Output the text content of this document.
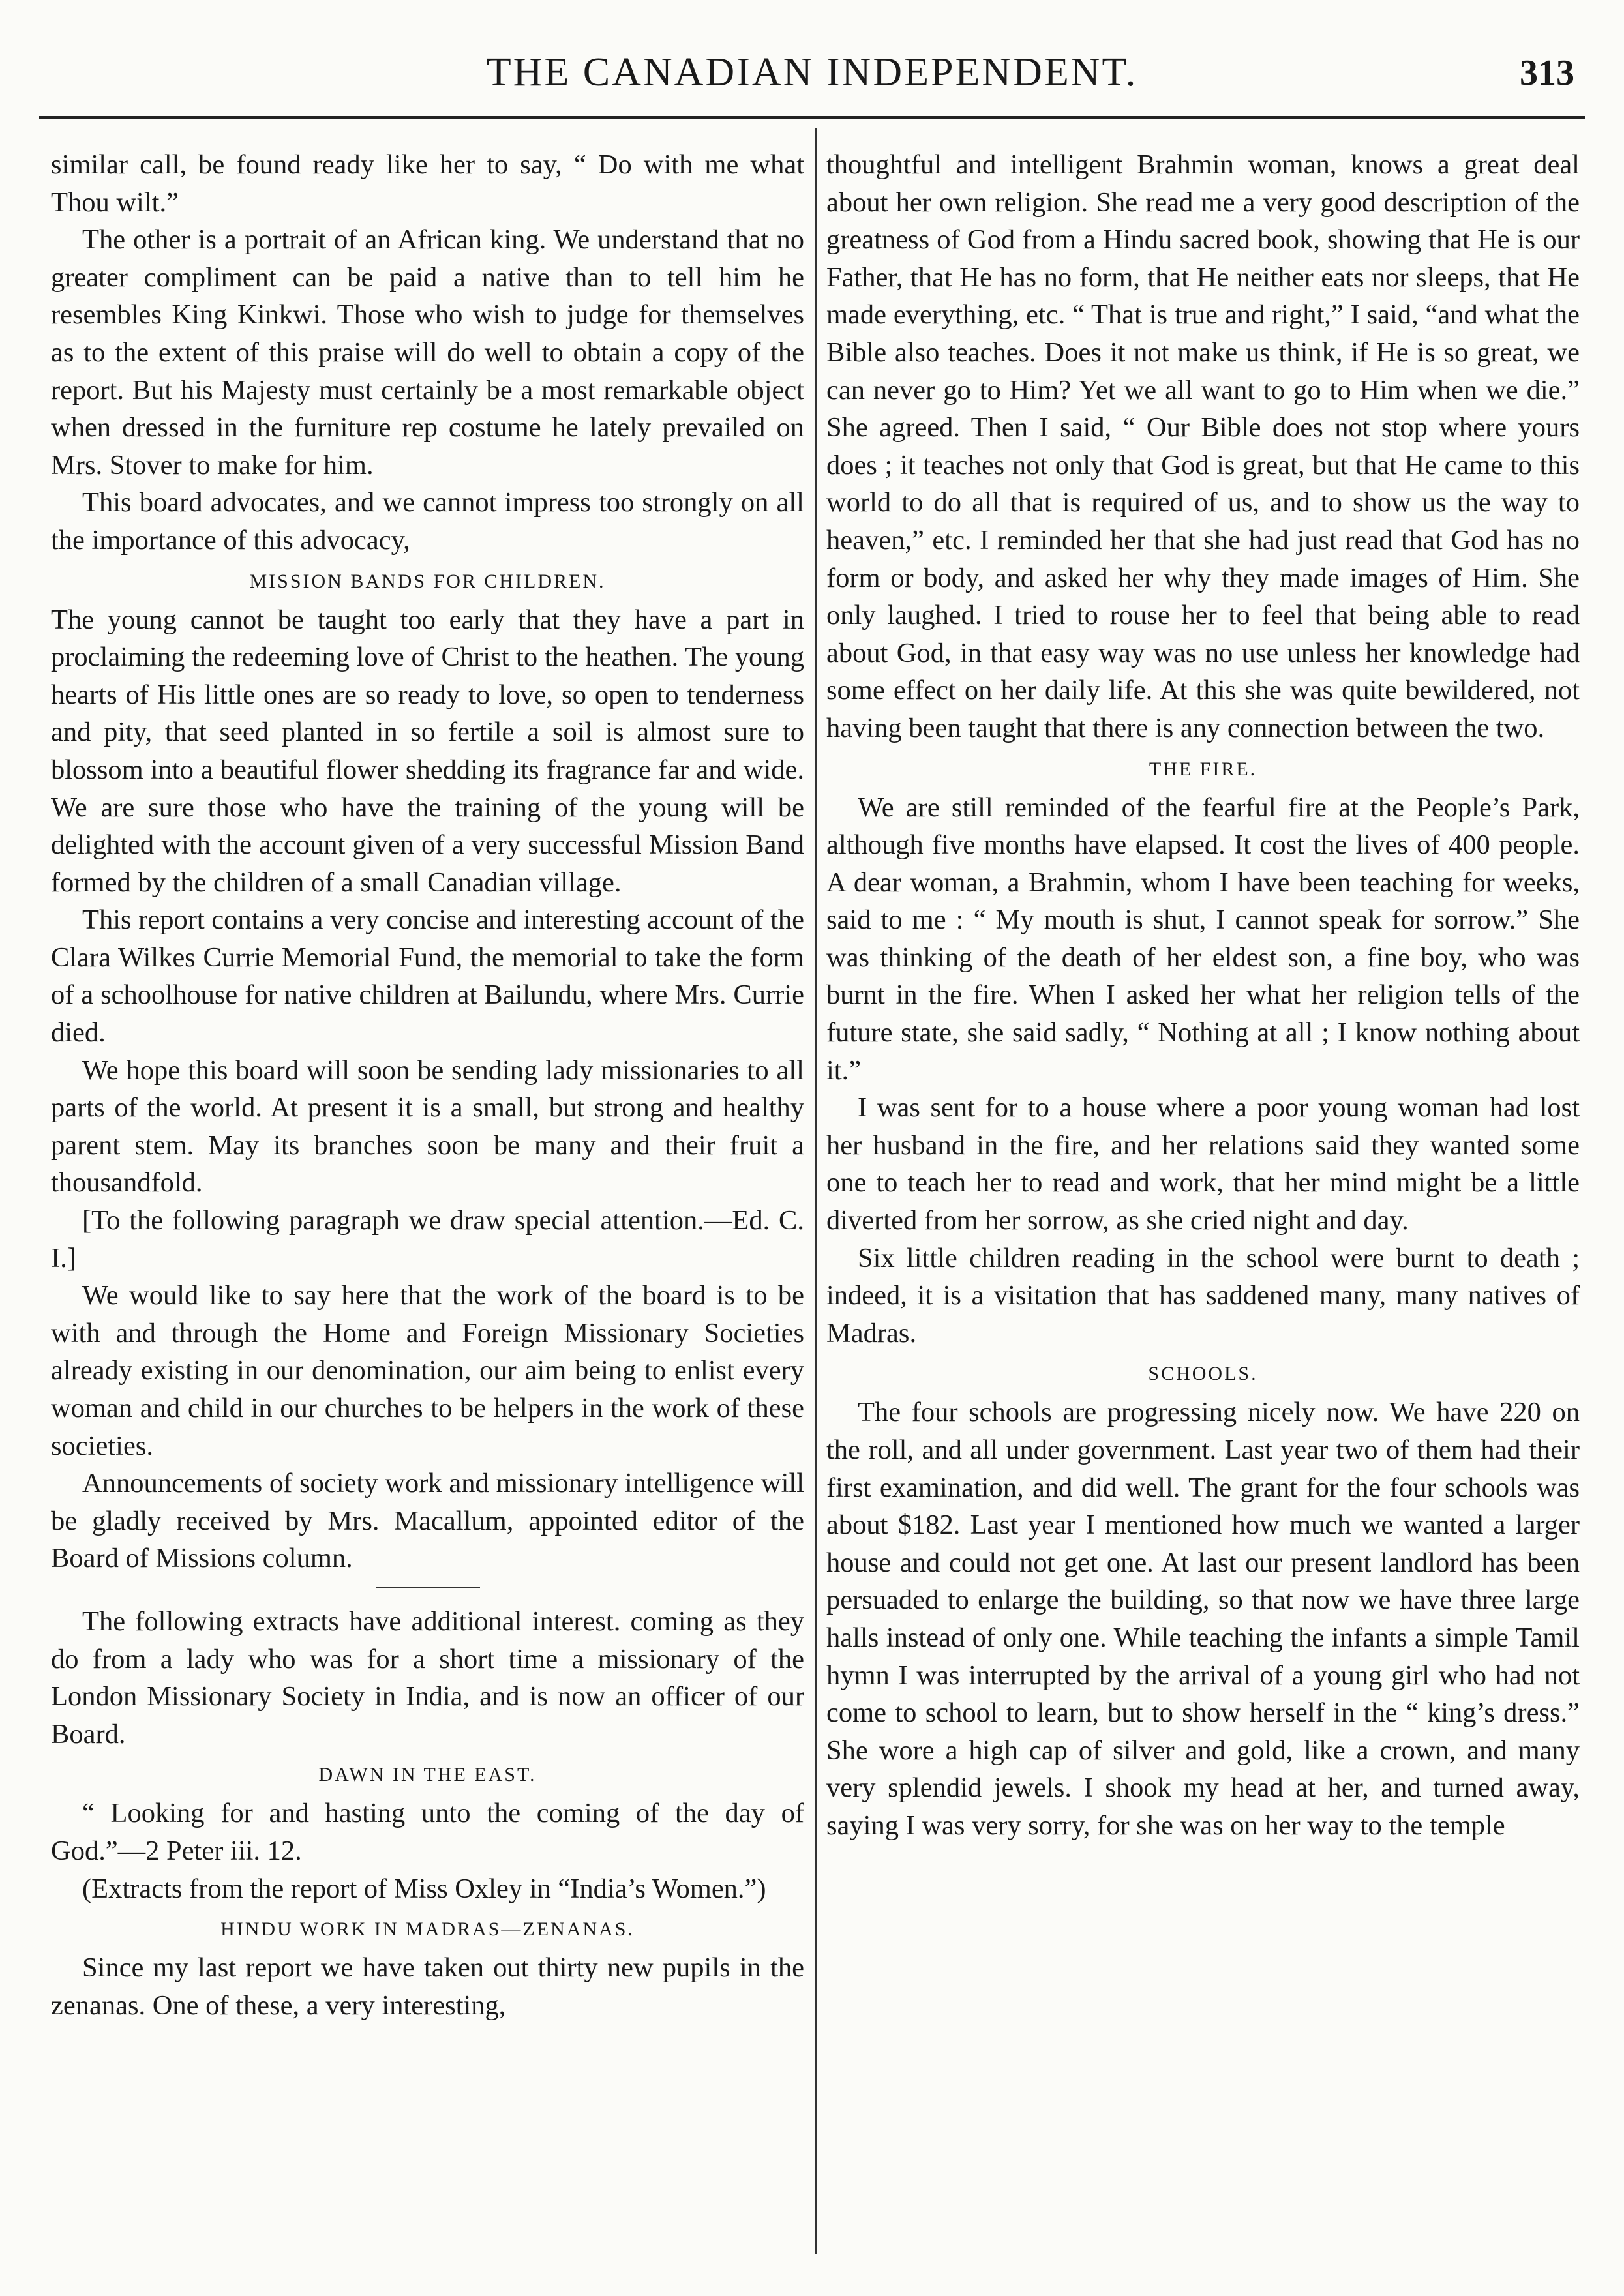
THE CANADIAN INDEPENDENT.	313

similar call, be found ready like her to say, “ Do with me what Thou wilt.”

The other is a portrait of an African king. We understand that no greater compliment can be paid a native than to tell him he resembles King Kinkwi. Those who wish to judge for themselves as to the extent of this praise will do well to obtain a copy of the report. But his Majesty must certainly be a most remarkable object when dressed in the furniture rep costume he lately prevailed on Mrs. Stover to make for him.

This board advocates, and we cannot impress too strongly on all the importance of this advocacy,

MISSION BANDS FOR CHILDREN.

The young cannot be taught too early that they have a part in proclaiming the redeeming love of Christ to the heathen. The young hearts of His little ones are so ready to love, so open to tenderness and pity, that seed planted in so fertile a soil is almost sure to blossom into a beautiful flower shedding its fragrance far and wide. We are sure those who have the training of the young will be delighted with the account given of a very successful Mission Band formed by the children of a small Canadian village.

This report contains a very concise and interesting account of the Clara Wilkes Currie Memorial Fund, the memorial to take the form of a schoolhouse for native children at Bailundu, where Mrs. Currie died.

We hope this board will soon be sending lady missionaries to all parts of the world. At present it is a small, but strong and healthy parent stem. May its branches soon be many and their fruit a thousandfold.

[To the following paragraph we draw special attention.—Ed. C. I.]

We would like to say here that the work of the board is to be with and through the Home and Foreign Missionary Societies already existing in our denomination, our aim being to enlist every woman and child in our churches to be helpers in the work of these societies.

Announcements of society work and missionary intelligence will be gladly received by Mrs. Macallum, appointed editor of the Board of Missions column.

The following extracts have additional interest. coming as they do from a lady who was for a short time a missionary of the London Missionary Society in India, and is now an officer of our Board.

DAWN IN THE EAST.

“ Looking for and hasting unto the coming of the day of God.”—2 Peter iii. 12.

(Extracts from the report of Miss Oxley in “India’s Women.”)

HINDU WORK IN MADRAS—ZENANAS.

Since my last report we have taken out thirty new pupils in the zenanas. One of these, a very interesting,

thoughtful and intelligent Brahmin woman, knows a great deal about her own religion. She read me a very good description of the greatness of God from a Hindu sacred book, showing that He is our Father, that He has no form, that He neither eats nor sleeps, that He made everything, etc. “ That is true and right,” I said, “and what the Bible also teaches. Does it not make us think, if He is so great, we can never go to Him? Yet we all want to go to Him when we die.” She agreed. Then I said, “ Our Bible does not stop where yours does ; it teaches not only that God is great, but that He came to this world to do all that is required of us, and to show us the way to heaven,” etc. I reminded her that she had just read that God has no form or body, and asked her why they made images of Him. She only laughed. I tried to rouse her to feel that being able to read about God, in that easy way was no use unless her knowledge had some effect on her daily life. At this she was quite bewildered, not having been taught that there is any connection between the two.

THE FIRE.

We are still reminded of the fearful fire at the People’s Park, although five months have elapsed. It cost the lives of 400 people. A dear woman, a Brahmin, whom I have been teaching for weeks, said to me : “ My mouth is shut, I cannot speak for sorrow.” She was thinking of the death of her eldest son, a fine boy, who was burnt in the fire. When I asked her what her religion tells of the future state, she said sadly, “ Nothing at all ; I know nothing about it.”

I was sent for to a house where a poor young woman had lost her husband in the fire, and her relations said they wanted some one to teach her to read and work, that her mind might be a little diverted from her sorrow, as she cried night and day.

Six little children reading in the school were burnt to death ; indeed, it is a visitation that has saddened many, many natives of Madras.

SCHOOLS.

The four schools are progressing nicely now. We have 220 on the roll, and all under government. Last year two of them had their first examination, and did well. The grant for the four schools was about $182. Last year I mentioned how much we wanted a larger house and could not get one. At last our present landlord has been persuaded to enlarge the building, so that now we have three large halls instead of only one. While teaching the infants a simple Tamil hymn I was interrupted by the arrival of a young girl who had not come to school to learn, but to show herself in the “ king’s dress.” She wore a high cap of silver and gold, like a crown, and many very splendid jewels. I shook my head at her, and turned away, saying I was very sorry, for she was on her way to the temple
